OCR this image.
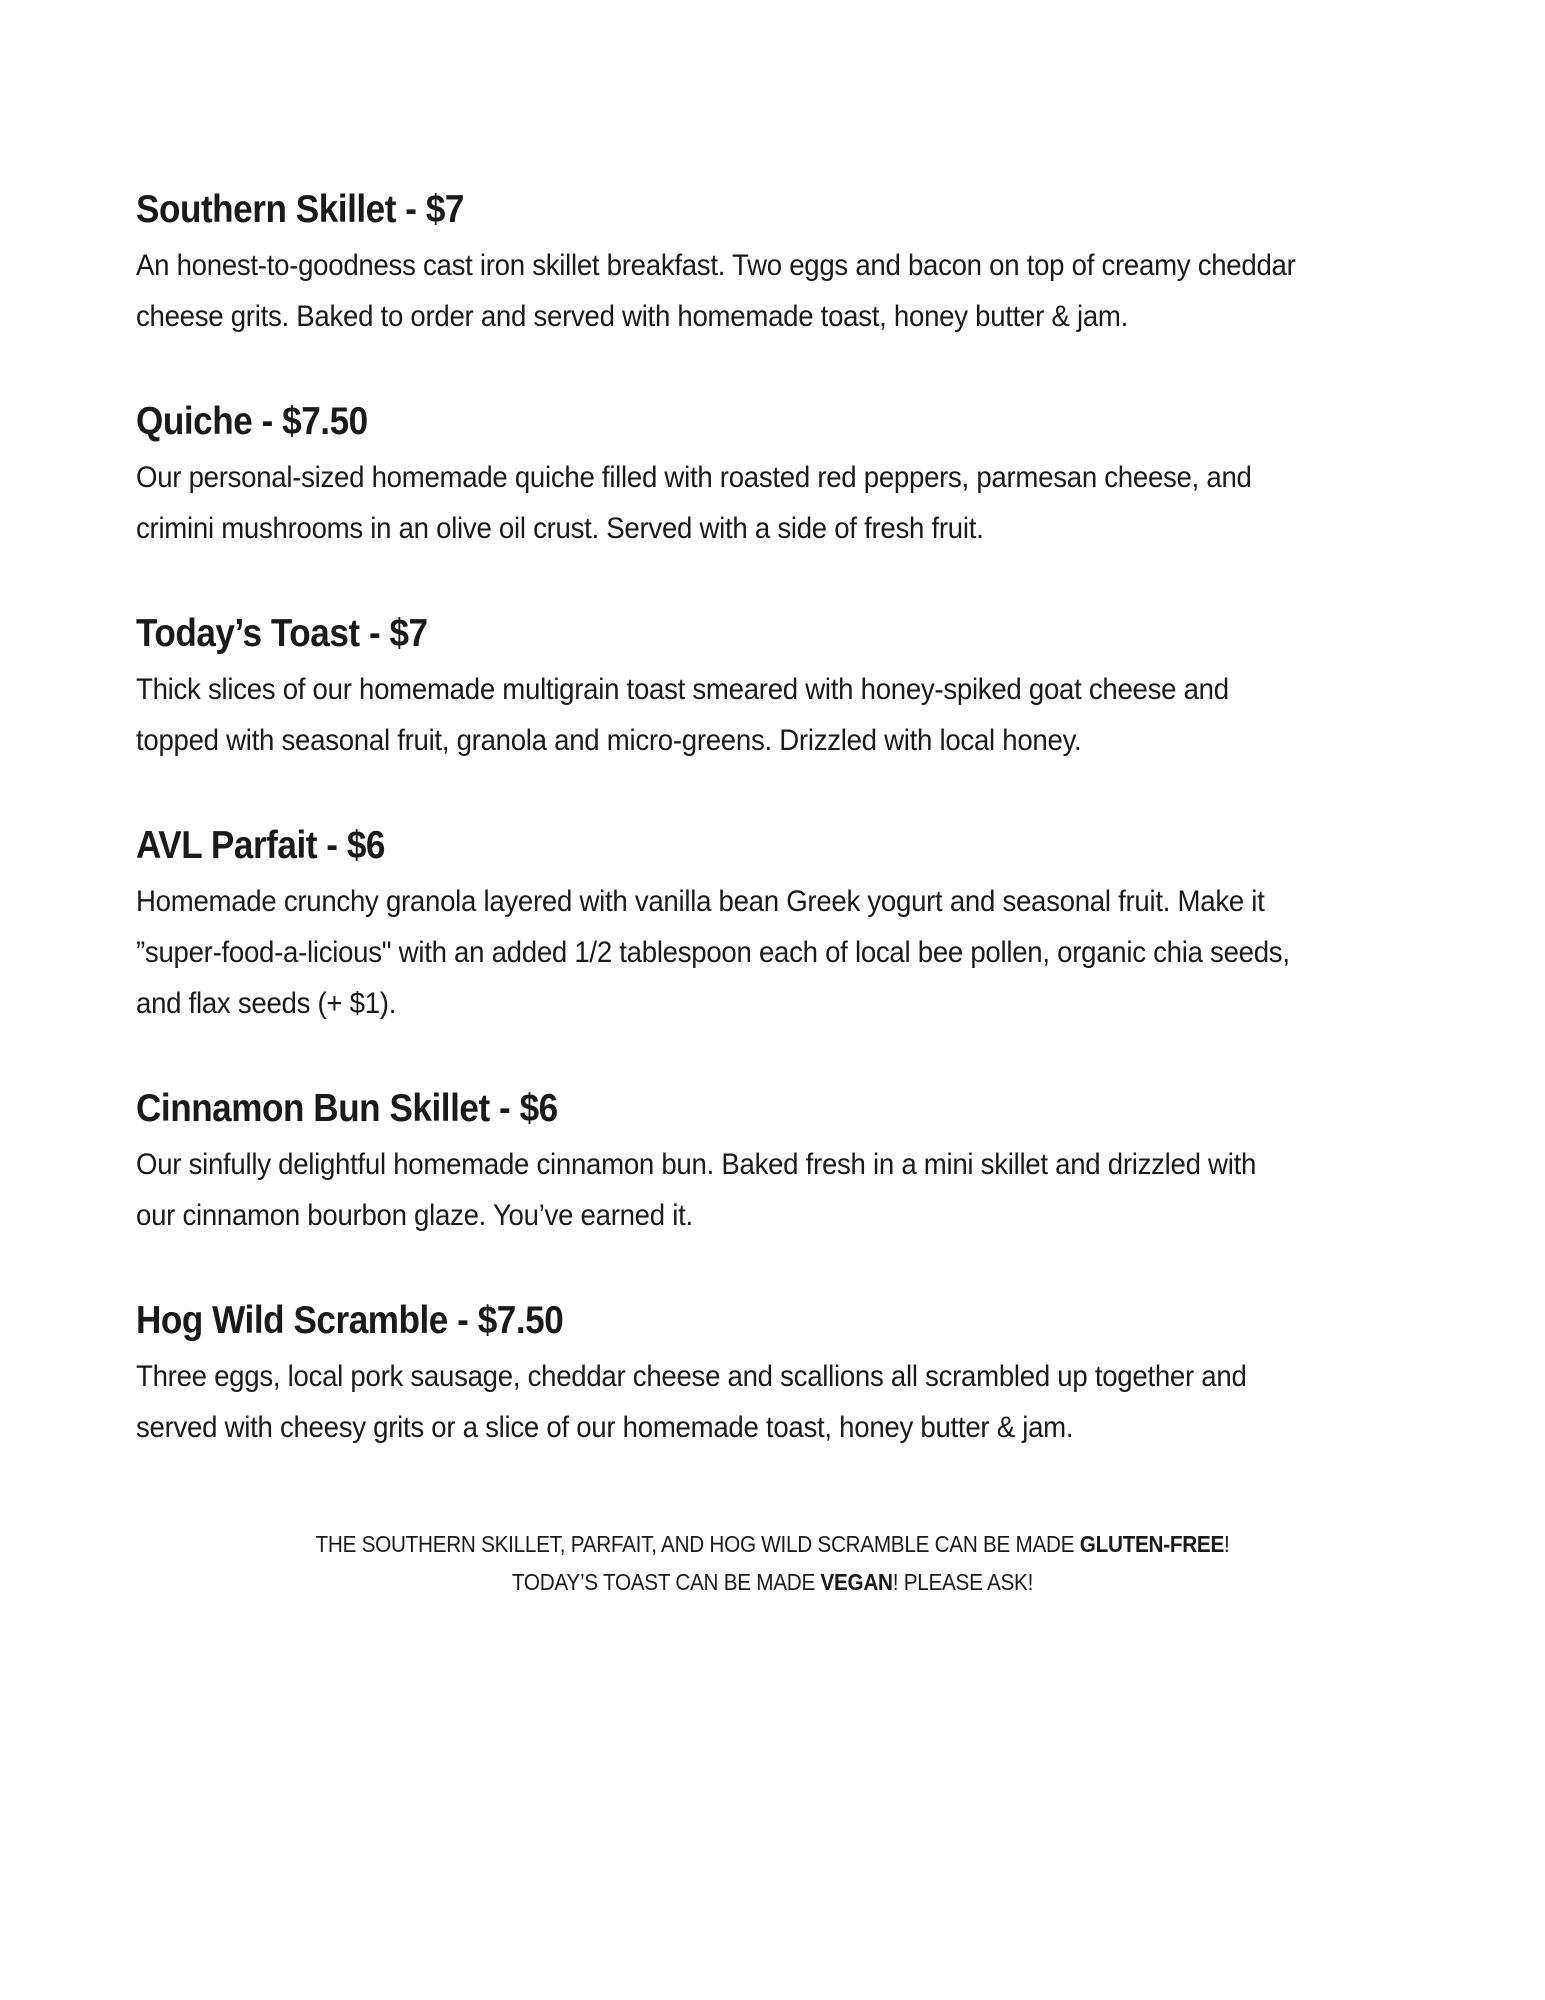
Southern Skillet - $7
An honest-to-goodness cast iron skillet breakfast. Two eggs and bacon on top of creamy cheddar
cheese grits. Baked to order and served with homemade toast, honey butter & jam.
Quiche - $7.50
Our personal-sized homemade quiche filled with roasted red peppers, parmesan cheese, and
crimini mushrooms in an olive oil crust. Served with a side of fresh fruit.
Today’s Toast - $7
Thick slices of our homemade multigrain toast smeared with honey-spiked goat cheese and
topped with seasonal fruit, granola and micro-greens. Drizzled with local honey.
AVL Parfait - $6
Homemade crunchy granola layered with vanilla bean Greek yogurt and seasonal fruit. Make it
”super-food-a-licious" with an added 1/2 tablespoon each of local bee pollen, organic chia seeds,
and flax seeds (+ $1).
Cinnamon Bun Skillet - $6
Our sinfully delightful homemade cinnamon bun. Baked fresh in a mini skillet and drizzled with
our cinnamon bourbon glaze. You’ve earned it.
Hog Wild Scramble - $7.50
Three eggs, local pork sausage, cheddar cheese and scallions all scrambled up together and
served with cheesy grits or a slice of our homemade toast, honey butter & jam.
THE SOUTHERN SKILLET, PARFAIT, AND HOG WILD SCRAMBLE CAN BE MADE GLUTEN-FREE!
TODAY’S TOAST CAN BE MADE VEGAN! PLEASE ASK!
